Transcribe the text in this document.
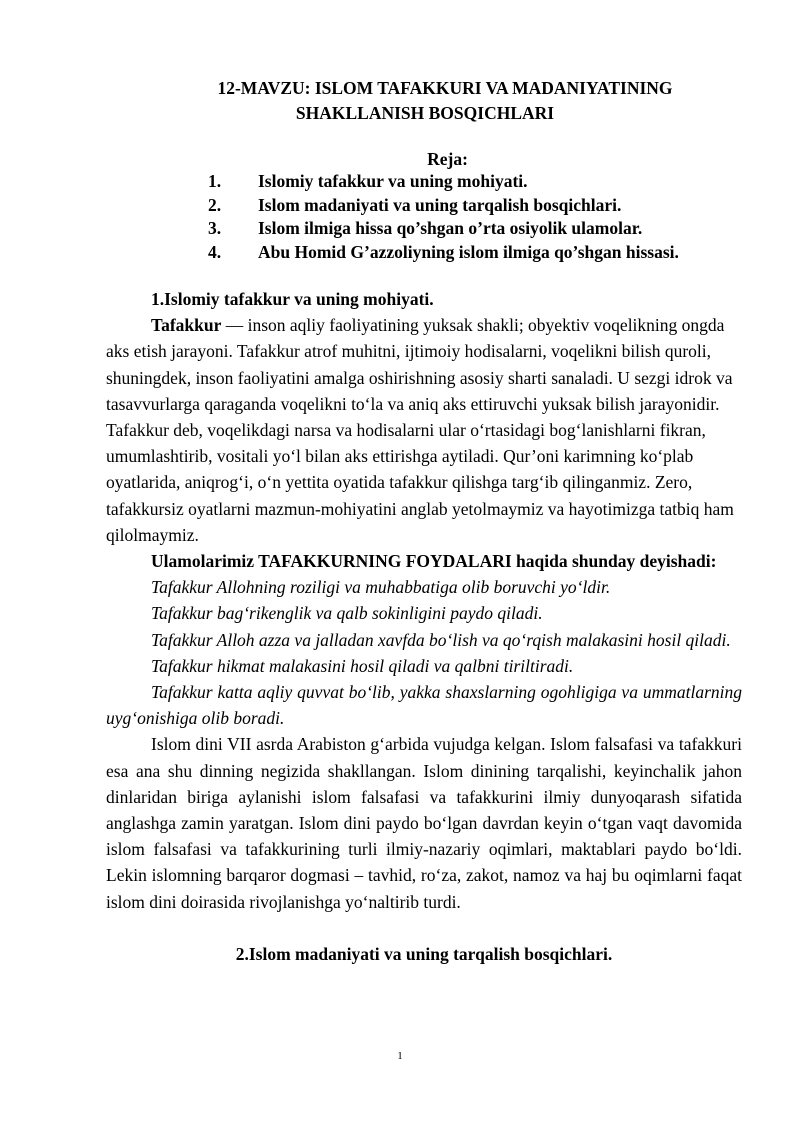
12-MAVZU: ISLOM TAFAKKURI VA MADANIYATINING

SHAKLLANISH BOSQICHLARI

Reja:

1. Islomiy tafakkur va uning mohiyati.
2. Islom madaniyati va uning tarqalish bosqichlari.
3. Islom ilmiga hissa qo’shgan o’rta osiyolik ulamolar.
4. Abu Homid G’azzoliyning islom ilmiga qo’shgan hissasi.

1.Islomiy tafakkur va uning mohiyati.

Tafakkur — inson aqliy faoliyatining yuksak shakli; obyektiv voqelikning ongda aks etish jarayoni. Tafakkur atrof muhitni, ijtimoiy hodisalarni, voqelikni bilish quroli, shuningdek, inson faoliyatini amalga oshirishning asosiy sharti sanaladi. U sezgi idrok va tasavvurlarga qaraganda voqelikni to‘la va aniq aks ettiruvchi yuksak bilish jarayonidir. Tafakkur deb, voqelikdagi narsa va hodisalarni ular o‘rtasidagi bog‘lanishlarni fikran, umumlashtirib, vositali yo‘l bilan aks ettirishga aytiladi. Qur’oni karimning ko‘plab oyatlarida, aniqrog‘i, o‘n yettita oyatida tafakkur qilishga targ‘ib qilinganmiz. Zero, tafakkursiz oyatlarni mazmun-mohiyatini anglab yetolmaymiz va hayotimizga tatbiq ham qilolmaymiz.

Ulamolarimiz TAFAKKURNING FOYDALARI haqida shunday deyishadi:

Tafakkur Allohning roziligi va muhabbatiga olib boruvchi yo‘ldir.

Tafakkur bag‘rikenglik va qalb sokinligini paydo qiladi.

Tafakkur Alloh azza va jalladan xavfda bo‘lish va qo‘rqish malakasini hosil qiladi.

Tafakkur hikmat malakasini hosil qiladi va qalbni tiriltiradi.

Tafakkur katta aqliy quvvat bo‘lib, yakka shaxslarning ogohligiga va ummatlarning uyg‘onishiga olib boradi.

Islom dini VII asrda Arabiston g‘arbida vujudga kelgan. Islom falsafasi va tafakkuri esa ana shu dinning negizida shakllangan. Islom dinining tarqalishi, keyinchalik jahon dinlaridan biriga aylanishi islom falsafasi va tafakkurini ilmiy dunyoqarash sifatida anglashga zamin yaratgan. Islom dini paydo bo‘lgan davrdan keyin o‘tgan vaqt davomida islom falsafasi va tafakkurining turli ilmiy-nazariy oqimlari, maktablari paydo bo‘ldi. Lekin islomning barqaror dogmasi – tavhid, ro‘za, zakot, namoz va haj bu oqimlarni faqat islom dini doirasida rivojlanishga yo‘naltirib turdi.

2.Islom madaniyati va uning tarqalish bosqichlari.

1
